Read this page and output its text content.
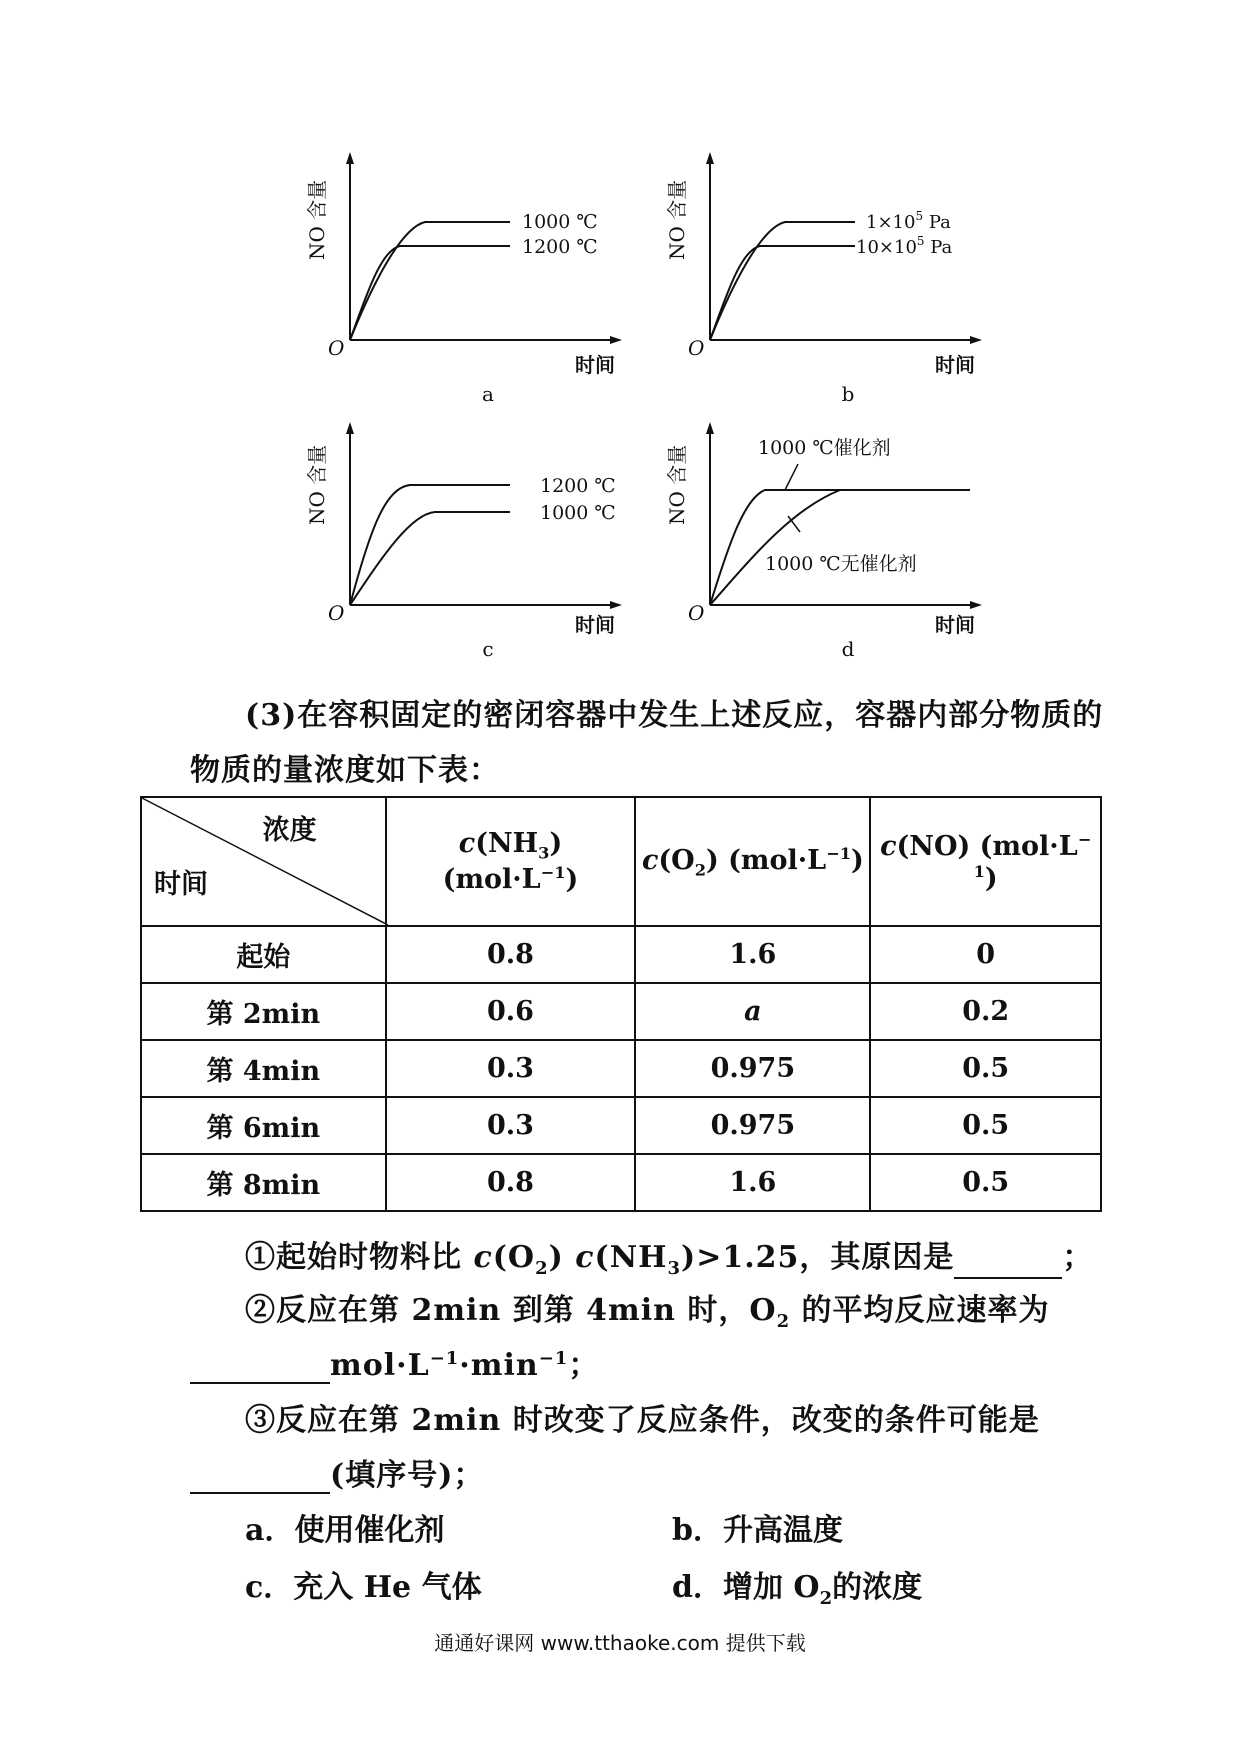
NO 含量
O
时间
1000 ℃
1200 ℃
a
NO 含量
O
时间
$1\times 10^5$ Pa
$10\times 10^5$ Pa
b
NO 含量
O	时间
1200 ℃
1000 ℃
c
NO 含量
O	时间
1000 ℃催化剂
1000 ℃无催化剂
d
(3)在容积固定的密闭容器中发生上述反应，容器内部分物质的
物质的量浓度如下表：
浓度
时间	$c(NH_3)$ $(mol\cdot L^{-1})$	$c(O_2)$ $(mol\cdot L^{-1})$	c(NO) (mol·L−
$^1$)
起始	0.8	1.6	0
第 2min	0.6	a	0.2
第 4min	0.3	0.975	0.5
第 6min	0.3	0.975	0.5
第 8min	0.8	1.6	0.5
①起始时物料比 $c(O_2)$ $c(NH_3)>1.25$，其原因是	；
②反应在第 2min 到第 4min 时，$O_2$ 的平均反应速率为
$mol\cdot L^{-1}\cdot\min^{-1}$；
③反应在第 2min 时改变了反应条件，改变的条件可能是
(填序号)；
a．使用催化剂	b．升高温度
c．充入 He 气体	d．增加 $O_2$的浓度
通通好课网 www.tthaoke.com 提供下载
